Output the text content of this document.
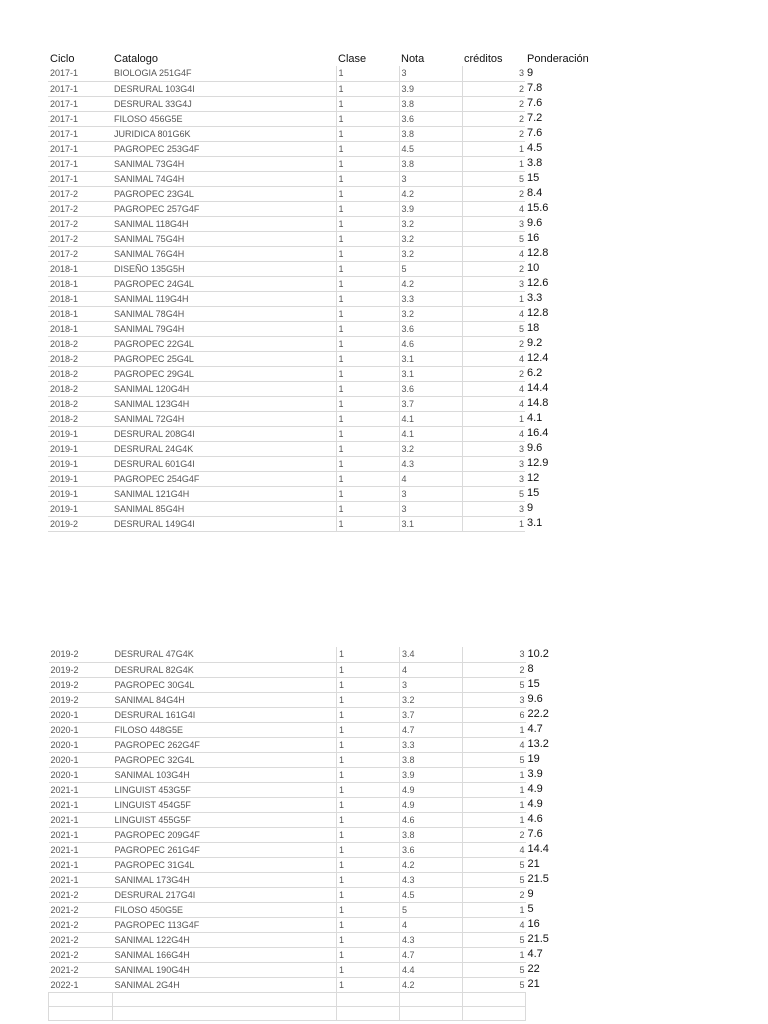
Ciclo	Catalogo	Clase	Nota	créditos	Ponderación
2017-1	BIOLOGIA 251G4F	1	3	3	9
2017-1	DESRURAL 103G4I	1	3.9	2	7.8
2017-1	DESRURAL 33G4J	1	3.8	2	7.6
2017-1	FILOSO 456G5E	1	3.6	2	7.2
2017-1	JURIDICA 801G6K	1	3.8	2	7.6
2017-1	PAGROPEC 253G4F	1	4.5	1	4.5
2017-1	SANIMAL 73G4H	1	3.8	1	3.8
2017-1	SANIMAL 74G4H	1	3	5	15
2017-2	PAGROPEC 23G4L	1	4.2	2	8.4
2017-2	PAGROPEC 257G4F	1	3.9	4	15.6
2017-2	SANIMAL 118G4H	1	3.2	3	9.6
2017-2	SANIMAL 75G4H	1	3.2	5	16
2017-2	SANIMAL 76G4H	1	3.2	4	12.8
2018-1	DISEÑO 135G5H	1	5	2	10
2018-1	PAGROPEC 24G4L	1	4.2	3	12.6
2018-1	SANIMAL 119G4H	1	3.3	1	3.3
2018-1	SANIMAL 78G4H	1	3.2	4	12.8
2018-1	SANIMAL 79G4H	1	3.6	5	18
2018-2	PAGROPEC 22G4L	1	4.6	2	9.2
2018-2	PAGROPEC 25G4L	1	3.1	4	12.4
2018-2	PAGROPEC 29G4L	1	3.1	2	6.2
2018-2	SANIMAL 120G4H	1	3.6	4	14.4
2018-2	SANIMAL 123G4H	1	3.7	4	14.8
2018-2	SANIMAL 72G4H	1	4.1	1	4.1
2019-1	DESRURAL 208G4I	1	4.1	4	16.4
2019-1	DESRURAL 24G4K	1	3.2	3	9.6
2019-1	DESRURAL 601G4I	1	4.3	3	12.9
2019-1	PAGROPEC 254G4F	1	4	3	12
2019-1	SANIMAL 121G4H	1	3	5	15
2019-1	SANIMAL 85G4H	1	3	3	9
2019-2	DESRURAL 149G4I	1	3.1	1	3.1
2019-2	DESRURAL 47G4K	1	3.4	3	10.2
2019-2	DESRURAL 82G4K	1	4	2	8
2019-2	PAGROPEC 30G4L	1	3	5	15
2019-2	SANIMAL 84G4H	1	3.2	3	9.6
2020-1	DESRURAL 161G4I	1	3.7	6	22.2
2020-1	FILOSO 448G5E	1	4.7	1	4.7
2020-1	PAGROPEC 262G4F	1	3.3	4	13.2
2020-1	PAGROPEC 32G4L	1	3.8	5	19
2020-1	SANIMAL 103G4H	1	3.9	1	3.9
2021-1	LINGUIST 453G5F	1	4.9	1	4.9
2021-1	LINGUIST 454G5F	1	4.9	1	4.9
2021-1	LINGUIST 455G5F	1	4.6	1	4.6
2021-1	PAGROPEC 209G4F	1	3.8	2	7.6
2021-1	PAGROPEC 261G4F	1	3.6	4	14.4
2021-1	PAGROPEC 31G4L	1	4.2	5	21
2021-1	SANIMAL 173G4H	1	4.3	5	21.5
2021-2	DESRURAL 217G4I	1	4.5	2	9
2021-2	FILOSO 450G5E	1	5	1	5
2021-2	PAGROPEC 113G4F	1	4	4	16
2021-2	SANIMAL 122G4H	1	4.3	5	21.5
2021-2	SANIMAL 166G4H	1	4.7	1	4.7
2021-2	SANIMAL 190G4H	1	4.4	5	22
2022-1	SANIMAL 2G4H	1	4.2	5	21
